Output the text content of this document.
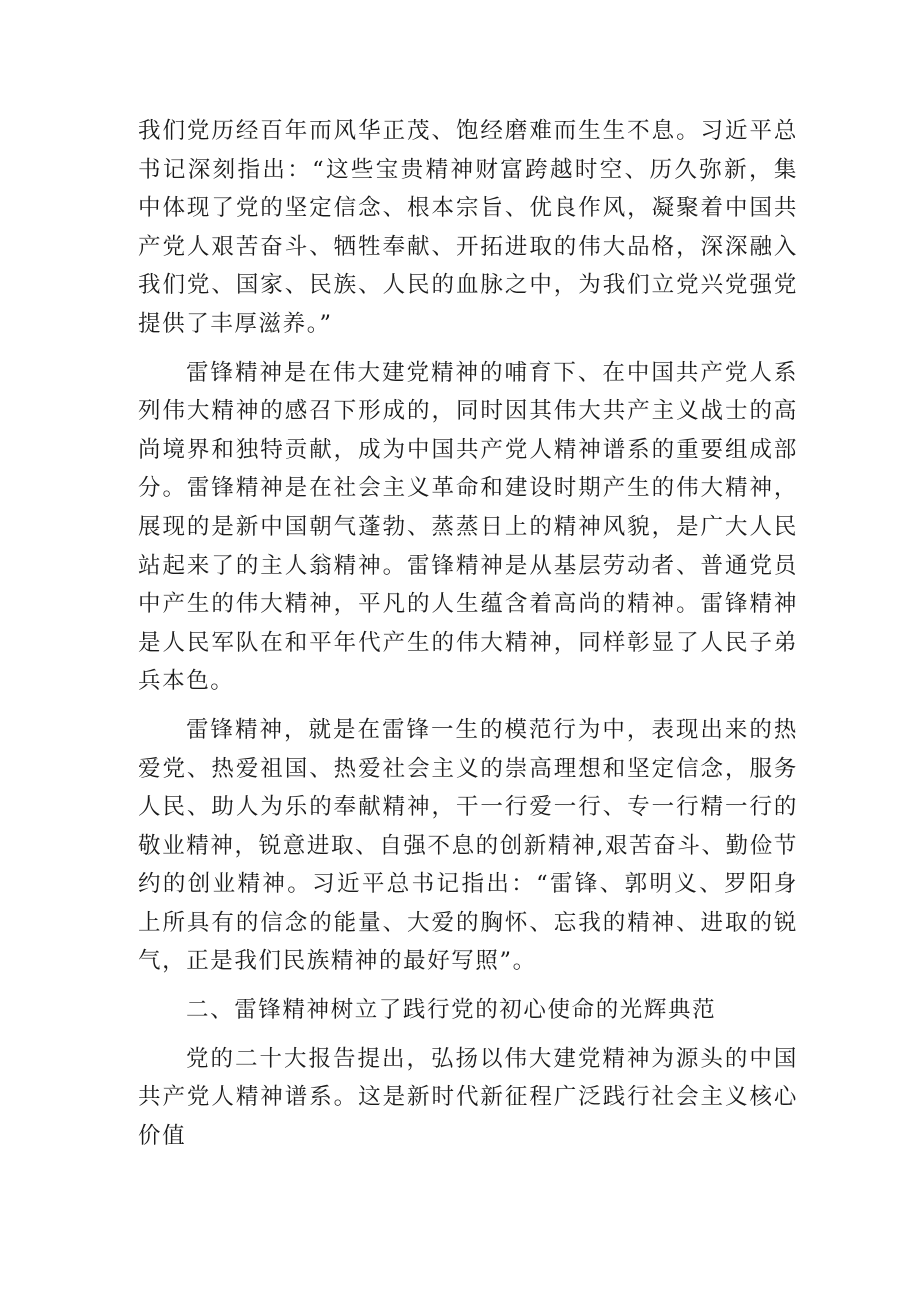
我们党历经百年而风华正茂、饱经磨难而生生不息。习近平总书记深刻指出：“这些宝贵精神财富跨越时空、历久弥新，集中体现了党的坚定信念、根本宗旨、优良作风，凝聚着中国共产党人艰苦奋斗、牺牲奉献、开拓进取的伟大品格，深深融入我们党、国家、民族、人民的血脉之中，为我们立党兴党强党提供了丰厚滋养。”

雷锋精神是在伟大建党精神的哺育下、在中国共产党人系列伟大精神的感召下形成的，同时因其伟大共产主义战士的高尚境界和独特贡献，成为中国共产党人精神谱系的重要组成部分。雷锋精神是在社会主义革命和建设时期产生的伟大精神，展现的是新中国朝气蓬勃、蒸蒸日上的精神风貌，是广大人民站起来了的主人翁精神。雷锋精神是从基层劳动者、普通党员中产生的伟大精神，平凡的人生蕴含着高尚的精神。雷锋精神是人民军队在和平年代产生的伟大精神，同样彰显了人民子弟兵本色。

雷锋精神，就是在雷锋一生的模范行为中，表现出来的热爱党、热爱祖国、热爱社会主义的崇高理想和坚定信念，服务人民、助人为乐的奉献精神，干一行爱一行、专一行精一行的敬业精神，锐意进取、自强不息的创新精神,艰苦奋斗、勤俭节约的创业精神。习近平总书记指出：“雷锋、郭明义、罗阳身上所具有的信念的能量、大爱的胸怀、忘我的精神、进取的锐气，正是我们民族精神的最好写照”。

二、雷锋精神树立了践行党的初心使命的光辉典范

党的二十大报告提出，弘扬以伟大建党精神为源头的中国共产党人精神谱系。这是新时代新征程广泛践行社会主义核心价值
